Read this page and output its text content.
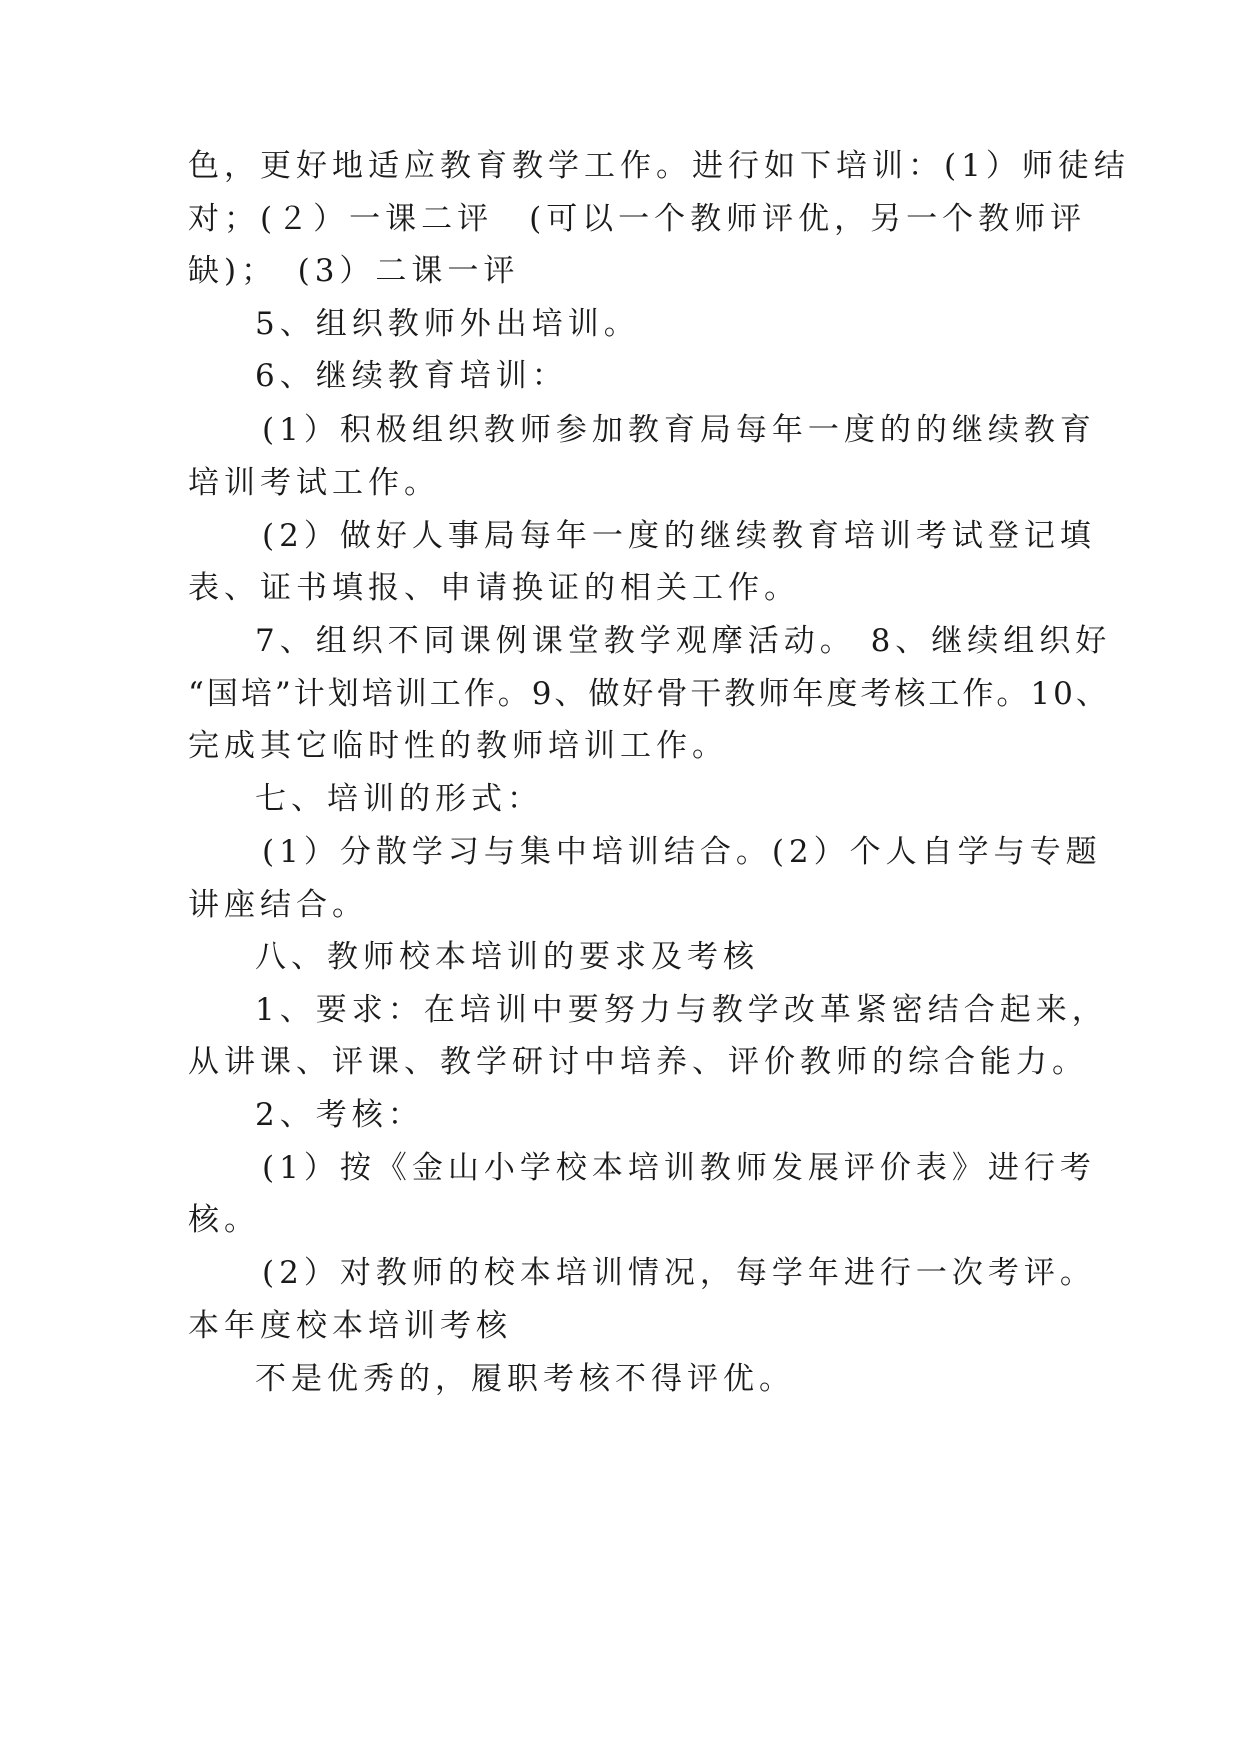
色，更好地适应教育教学工作。进行如下培训：(1）师徒结
对；(２）一课二评　(可以一个教师评优，另一个教师评
缺)；　(3）二课一评
5、组织教师外出培训。
6、继续教育培训：
(1）积极组织教师参加教育局每年一度的的继续教育
培训考试工作。
(2）做好人事局每年一度的继续教育培训考试登记填
表、证书填报、申请换证的相关工作。
7、组织不同课例课堂教学观摩活动。 8、继续组织好
“国培”计划培训工作。9、做好骨干教师年度考核工作。10、
完成其它临时性的教师培训工作。
七、培训的形式：
(1）分散学习与集中培训结合。(2）个人自学与专题
讲座结合。
八、教师校本培训的要求及考核
1、要求：在培训中要努力与教学改革紧密结合起来，
从讲课、评课、教学研讨中培养、评价教师的综合能力。
2、考核：
(1）按《金山小学校本培训教师发展评价表》进行考
核。
(2）对教师的校本培训情况，每学年进行一次考评。
本年度校本培训考核
不是优秀的，履职考核不得评优。
